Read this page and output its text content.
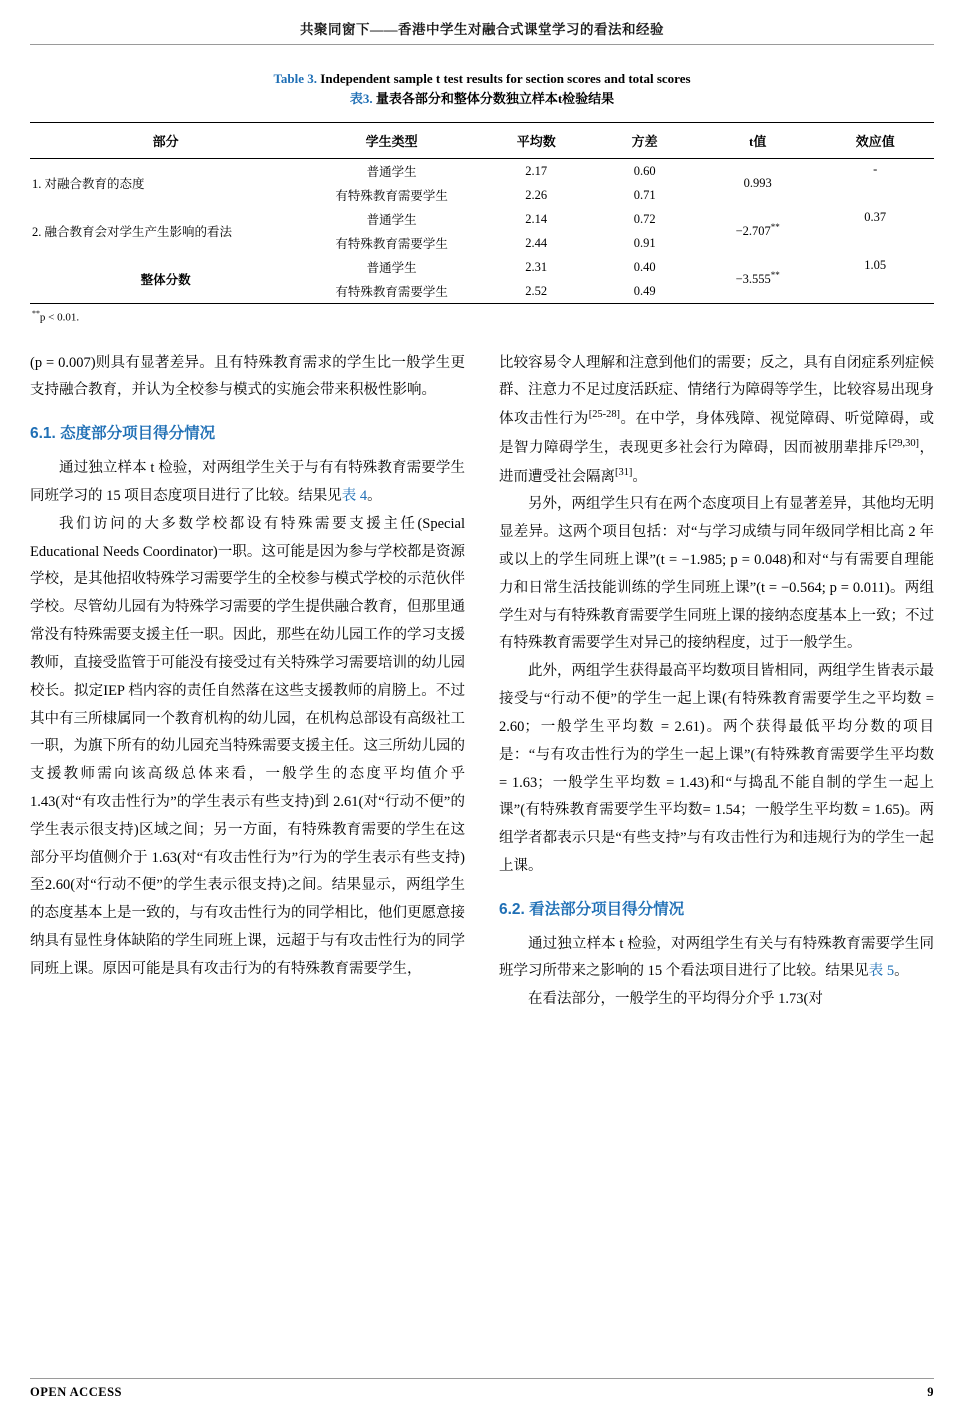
共聚同窗下——香港中学生对融合式课堂学习的看法和经验
Table 3. Independent sample t test results for section scores and total scores
表3. 量表各部分和整体分数独立样本t检验结果
部分	学生类型	平均数	方差	t值	效应值
1. 对融合教育的态度	普通学生	2.17	0.60	0.993	-
	有特殊教育需要学生	2.26	0.71		
2. 融合教育会对学生产生影响的看法	普通学生	2.14	0.72	−2.707**	0.37
	有特殊教育需要学生	2.44	0.91		
整体分数	普通学生	2.31	0.40	−3.555**	1.05
	有特殊教育需要学生	2.52	0.49		
**p < 0.01.

(p = 0.007)则具有显著差异。且有特殊教育需求的学生比一般学生更支持融合教育，并认为全校参与模式的实施会带来积极性影响。

6.1. 态度部分项目得分情况

通过独立样本 t 检验，对两组学生关于与有有特殊教育需要学生同班学习的 15 项目态度项目进行了比较。结果见表 4。

我们访问的大多数学校都设有特殊需要支援主任(Special Educational Needs Coordinator)一职。这可能是因为参与学校都是资源学校，是其他招收特殊学习需要学生的全校参与模式学校的示范伙伴学校。尽管幼儿园有为特殊学习需要的学生提供融合教育，但那里通常没有特殊需要支援主任一职。因此，那些在幼儿园工作的学习支援教师，直接受监管于可能没有接受过有关特殊学习需要培训的幼儿园校长。拟定IEP 档内容的责任自然落在这些支援教师的肩膀上。不过其中有三所棣属同一个教育机构的幼儿园，在机构总部设有高级社工一职，为旗下所有的幼儿园充当特殊需要支援主任。这三所幼儿园的支援教师需向该高级总体来看，一般学生的态度平均值介乎 1.43(对“有攻击性行为”的学生表示有些支持)到 2.61(对“行动不便”的学生表示很支持)区域之间；另一方面，有特殊教育需要的学生在这部分平均值侧介于 1.63(对“有攻击性行为”行为的学生表示有些支持)至2.60(对“行动不便”的学生表示很支持)之间。结果显示，两组学生的态度基本上是一致的，与有攻击性行为的同学相比，他们更愿意接纳具有显性身体缺陷的学生同班上课，远超于与有攻击性行为的同学同班上课。原因可能是具有攻击行为的有特殊教育需要学生，

比较容易令人理解和注意到他们的需要；反之，具有自闭症系列症候群、注意力不足过度活跃症、情绪行为障碍等学生，比较容易出现身体攻击性行为[25-28]。在中学，身体残障、视觉障碍、听觉障碍，或是智力障碍学生，表现更多社会行为障碍，因而被朋辈排斥[29,30]，进而遭受社会隔离[31]。

另外，两组学生只有在两个态度项目上有显著差异，其他均无明显差异。这两个项目包括：对“与学习成绩与同年级同学相比高 2 年或以上的学生同班上课”(t = −1.985; p = 0.048)和对“与有需要自理能力和日常生活技能训练的学生同班上课”(t = −0.564; p = 0.011)。两组学生对与有特殊教育需要学生同班上课的接纳态度基本上一致；不过有特殊教育需要学生对异己的接纳程度，过于一般学生。

此外，两组学生获得最高平均数项目皆相同，两组学生皆表示最接受与“行动不便”的学生一起上课(有特殊教育需要学生之平均数 = 2.60；一般学生平均数 = 2.61)。两个获得最低平均分数的项目是：“与有攻击性行为的学生一起上课”(有特殊教育需要学生平均数 = 1.63；一般学生平均数 = 1.43)和“与捣乱不能自制的学生一起上课”(有特殊教育需要学生平均数= 1.54；一般学生平均数 = 1.65)。两组学者都表示只是“有些支持”与有攻击性行为和违规行为的学生一起上课。

6.2. 看法部分项目得分情况

通过独立样本 t 检验，对两组学生有关与有特殊教育需要学生同班学习所带来之影响的 15 个看法项目进行了比较。结果见表 5。

在看法部分，一般学生的平均得分介乎 1.73(对

OPEN ACCESS	9
